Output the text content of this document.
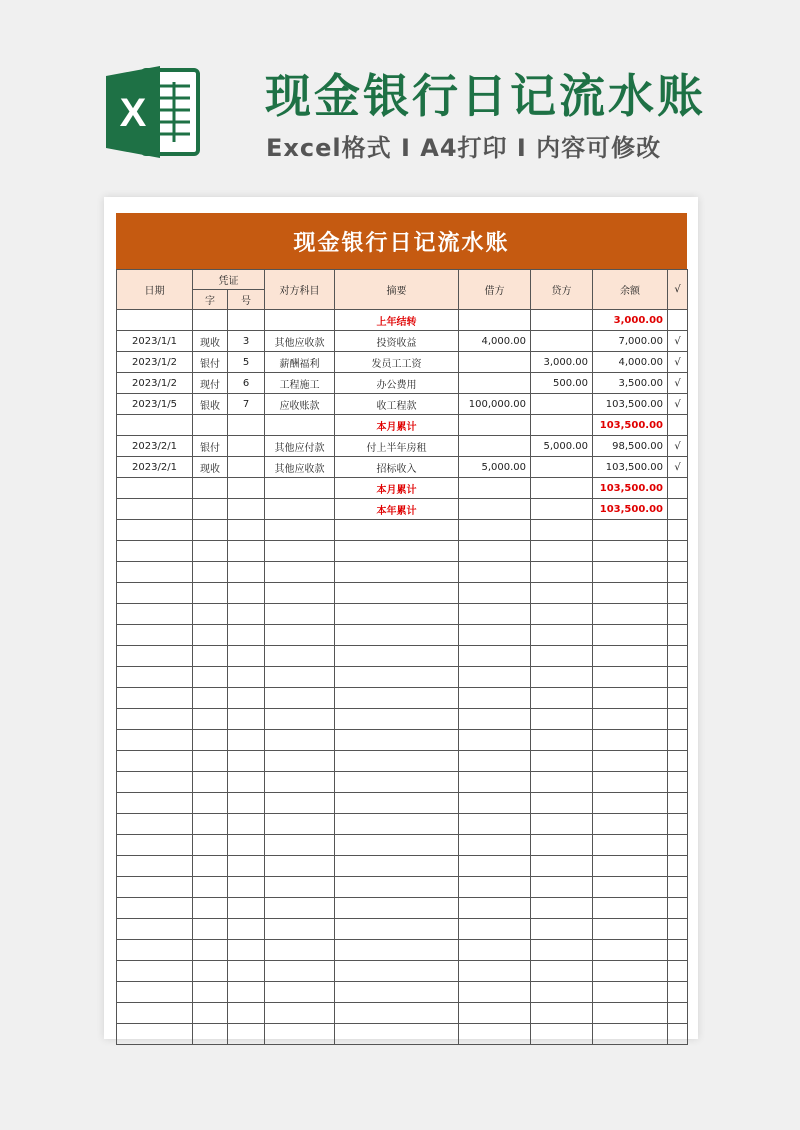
X	现金银行日记流水账
Excel格式 Ⅰ A4打印 Ⅰ 内容可修改
现金银行日记流水账
日期	凭证		对方科目	摘要	借方	贷方	余额	√
	字	号						
				上年结转			3,000.00	
2023/1/1	现收	3	其他应收款	投资收益	4,000.00		7,000.00	√
2023/1/2	银付	5	薪酬福利	发员工工资		3,000.00	4,000.00	√
2023/1/2	现付	6	工程施工	办公费用		500.00	3,500.00	√
2023/1/5	银收	7	应收账款	收工程款	100,000.00		103,500.00	√
				本月累计			103,500.00	
2023/2/1	银付		其他应付款	付上半年房租		5,000.00	98,500.00	√
2023/2/1	现收		其他应收款	招标收入	5,000.00		103,500.00	√
				本月累计			103,500.00	
				本年累计			103,500.00	
